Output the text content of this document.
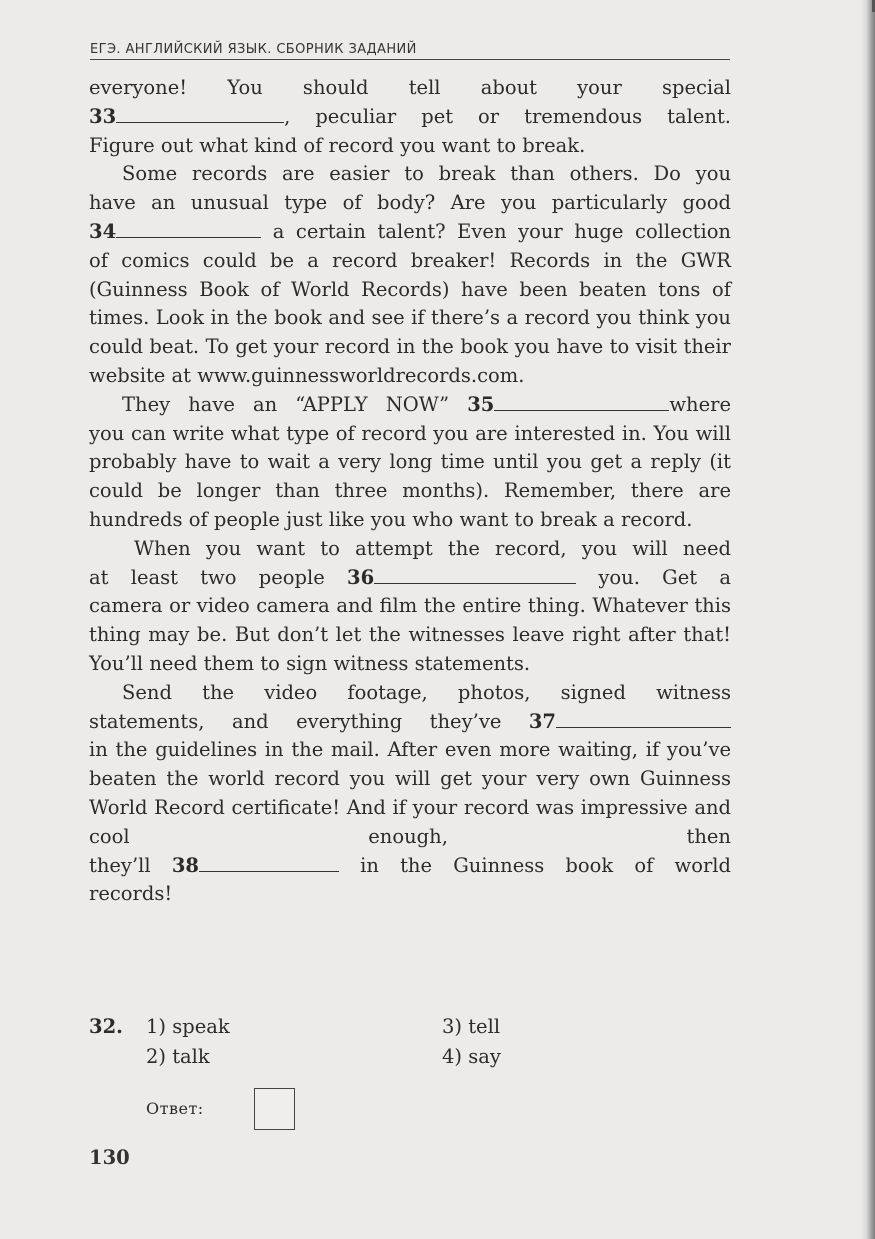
ЕГЭ. АНГЛИЙСКИЙ ЯЗЫК. СБОРНИК ЗАДАНИЙ

everyone! You should tell about your special

33	, peculiar pet or tremendous talent.

Figure out what kind of record you want to break.

Some records are easier to break than others. Do you

have an unusual type of body? Are you particularly good

34	a certain talent? Even your huge collection

of comics could be a record breaker! Records in the GWR (Guinness Book of World Records) have been beaten tons of times. Look in the book and see if there’s a record you think you could beat. To get your record in the book you have to visit their website at www.guinnessworldrecords.com.

They have an “APPLY NOW” 35	where

you can write what type of record you are interested in. You will probably have to wait a very long time until you get a reply (it could be longer than three months). Remember, there are hundreds of people just like you who want to break a record.

When you want to attempt the record, you will need

at least two people 36	you. Get a

camera or video camera and film the entire thing. Whatever this thing may be. But don’t let the witnesses leave right after that! You’ll need them to sign witness statements.

Send the video footage, photos, signed witness

statements, and everything they’ve 37

in the guidelines in the mail. After even more waiting, if you’ve beaten the world record you will get your very own Guinness World Record certificate! And if your record was impressive and cool enough, then

they’ll 38	in the Guinness book of world

records!

32. 1) speak
2) talk
3) tell
4) say
Ответ:
130
